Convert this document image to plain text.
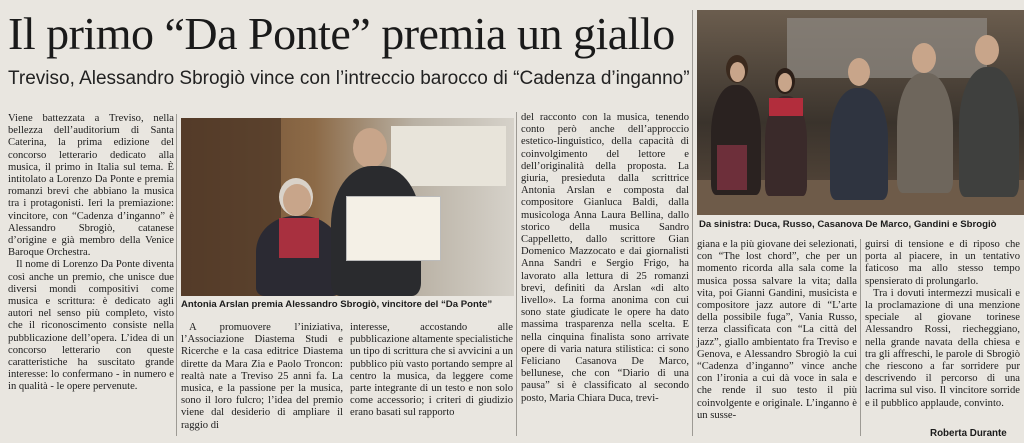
Il primo “Da Ponte” premia un giallo
Treviso, Alessandro Sbrogiò vince con l’intreccio barocco di “Cadenza d’inganno”
Da sinistra: Duca, Russo, Casanova De Marco, Gandini e Sbrogiò

Viene battezzata a Treviso, nella bellezza dell’auditorium di Santa Caterina, la prima edizione del concorso letterario dedicato alla musica, il primo in Italia sul tema. È intitolato a Lorenzo Da Ponte e premia romanzi brevi che abbiano la musica tra i protagonisti. Ieri la premiazione: vincitore, con “Cadenza d’inganno” è Alessandro Sbrogiò, catanese d’origine e già membro della Venice Baroque Orchestra.

Il nome di Lorenzo Da Ponte diventa così anche un premio, che unisce due diversi mondi compositivi come musica e scrittura: è dedicato agli autori nel senso più completo, visto che il riconoscimento consiste nella pubblicazione dell’opera. L’idea di un concorso letterario con queste caratteristiche ha suscitato grande interesse: lo confermano - in numero e in qualità - le opere pervenute.

Antonia Arslan premia Alessandro Sbrogiò, vincitore del “Da Ponte”

A promuovere l’iniziativa, l’Associazione Diastema Studi e Ricerche e la casa editrice Diastema dirette da Mara Zia e Paolo Troncon: realtà nate a Treviso 25 anni fa. La musica, e la passione per la musica, sono il loro fulcro; l’idea del premio viene dal desiderio di ampliare il raggio di

interesse, accostando alle pubblicazione altamente specialistiche un tipo di scrittura che si avvicini a un pubblico più vasto portando sempre al centro la musica, da leggere come parte integrante di un testo e non solo come accessorio; i criteri di giudizio erano basati sul rapporto

del racconto con la musica, tenendo conto però anche dell’approccio estetico-linguistico, della capacità di coinvolgimento del lettore e dell’originalità della proposta. La giuria, presieduta dalla scrittrice Antonia Arslan e composta dal compositore Gianluca Baldi, dalla musicologa Anna Laura Bellina, dallo storico della musica Sandro Cappelletto, dallo scrittore Gian Domenico Mazzocato e dai giornalisti Anna Sandri e Sergio Frigo, ha lavorato alla lettura di 25 romanzi brevi, definiti da Arslan «di alto livello». La forma anonima con cui sono state giudicate le opere ha dato massima trasparenza nella scelta. E nella cinquina finalista sono arrivate opere di varia natura stilistica: ci sono Feliciano Casanova De Marco, bellunese, che con “Diario di una pausa” si è classificato al secondo posto, Maria Chiara Duca, trevi-

giana e la più giovane dei selezionati, con “The lost chord”, che per un momento ricorda alla sala come la musica possa salvare la vita; dalla vita, poi Gianni Gandini, musicista e compositore jazz autore di “L’arte della possibile fuga”, Vania Russo, terza classificata con “La città del jazz”, giallo ambientato fra Treviso e Genova, e Alessandro Sbrogiò la cui “Cadenza d’inganno” vince anche con l’ironia a cui dà voce in sala e che rende il suo testo il più coinvolgente e originale. L’inganno è un susse-

guirsi di tensione e di riposo che porta al piacere, in un tentativo faticoso ma allo stesso tempo spensierato di prolungarlo.

Tra i dovuti intermezzi musicali e la proclamazione di una menzione speciale al giovane torinese Alessandro Rossi, riecheggiano, nella grande navata della chiesa e tra gli affreschi, le parole di Sbrogiò che riescono a far sorridere pur descrivendo il percorso di una lacrima sul viso. Il vincitore sorride e il pubblico applaude, convinto.

Roberta Durante
